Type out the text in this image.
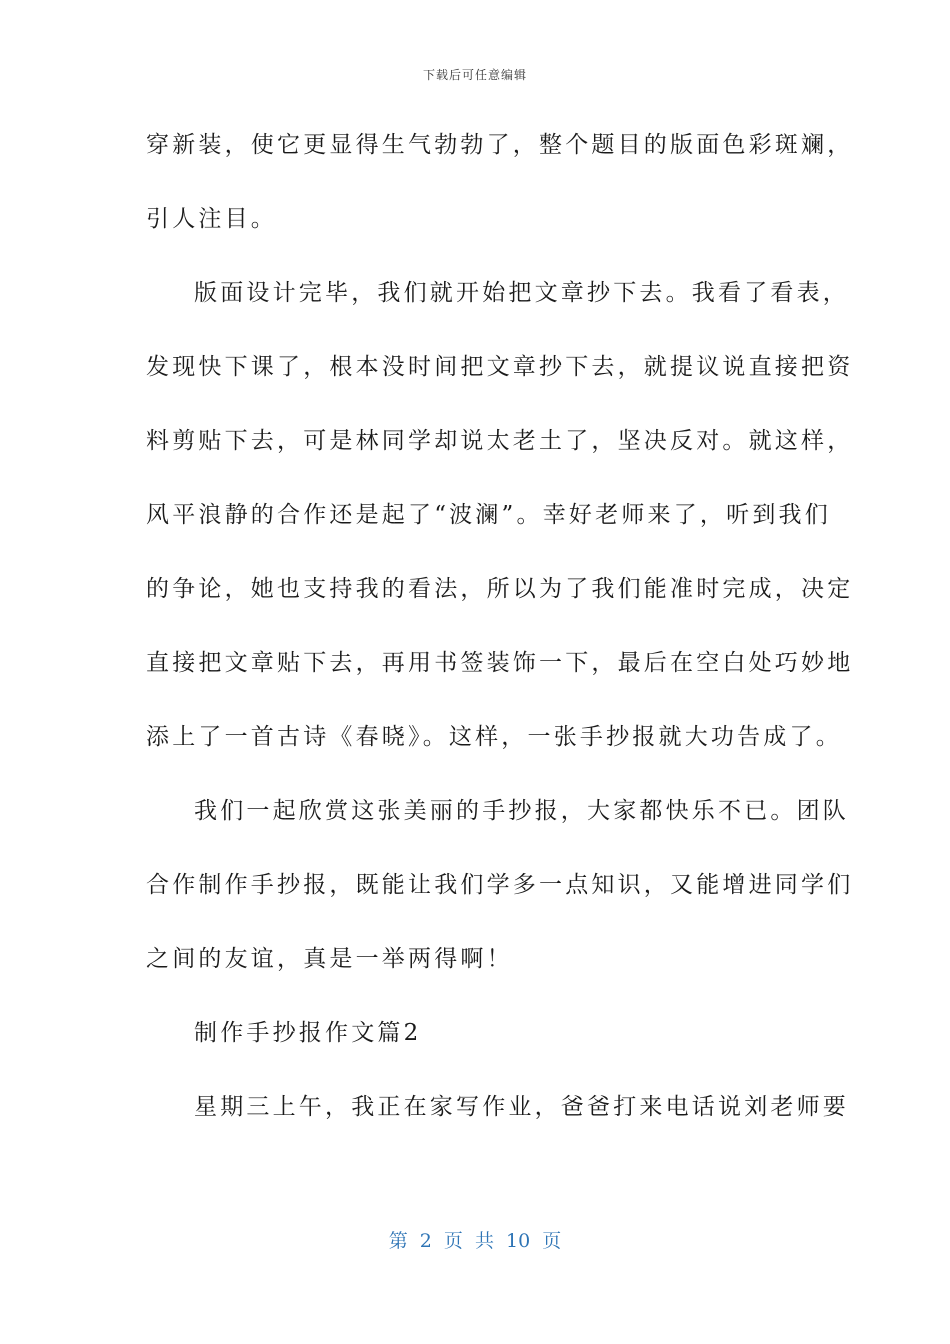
下载后可任意编辑
穿新装，使它更显得生气勃勃了，整个题目的版面色彩斑斓，
引人注目。
版面设计完毕，我们就开始把文章抄下去。我看了看表，
发现快下课了，根本没时间把文章抄下去，就提议说直接把资
料剪贴下去，可是林同学却说太老土了，坚决反对。就这样，
风平浪静的合作还是起了“波澜”。幸好老师来了，听到我们
的争论，她也支持我的看法，所以为了我们能准时完成，决定
直接把文章贴下去，再用书签装饰一下，最后在空白处巧妙地
添上了一首古诗《春晓》。这样，一张手抄报就大功告成了。
我们一起欣赏这张美丽的手抄报，大家都快乐不已。团队
合作制作手抄报，既能让我们学多一点知识，又能增进同学们
之间的友谊，真是一举两得啊！
制作手抄报作文篇2
星期三上午，我正在家写作业，爸爸打来电话说刘老师要
第 2 页 共 10 页
